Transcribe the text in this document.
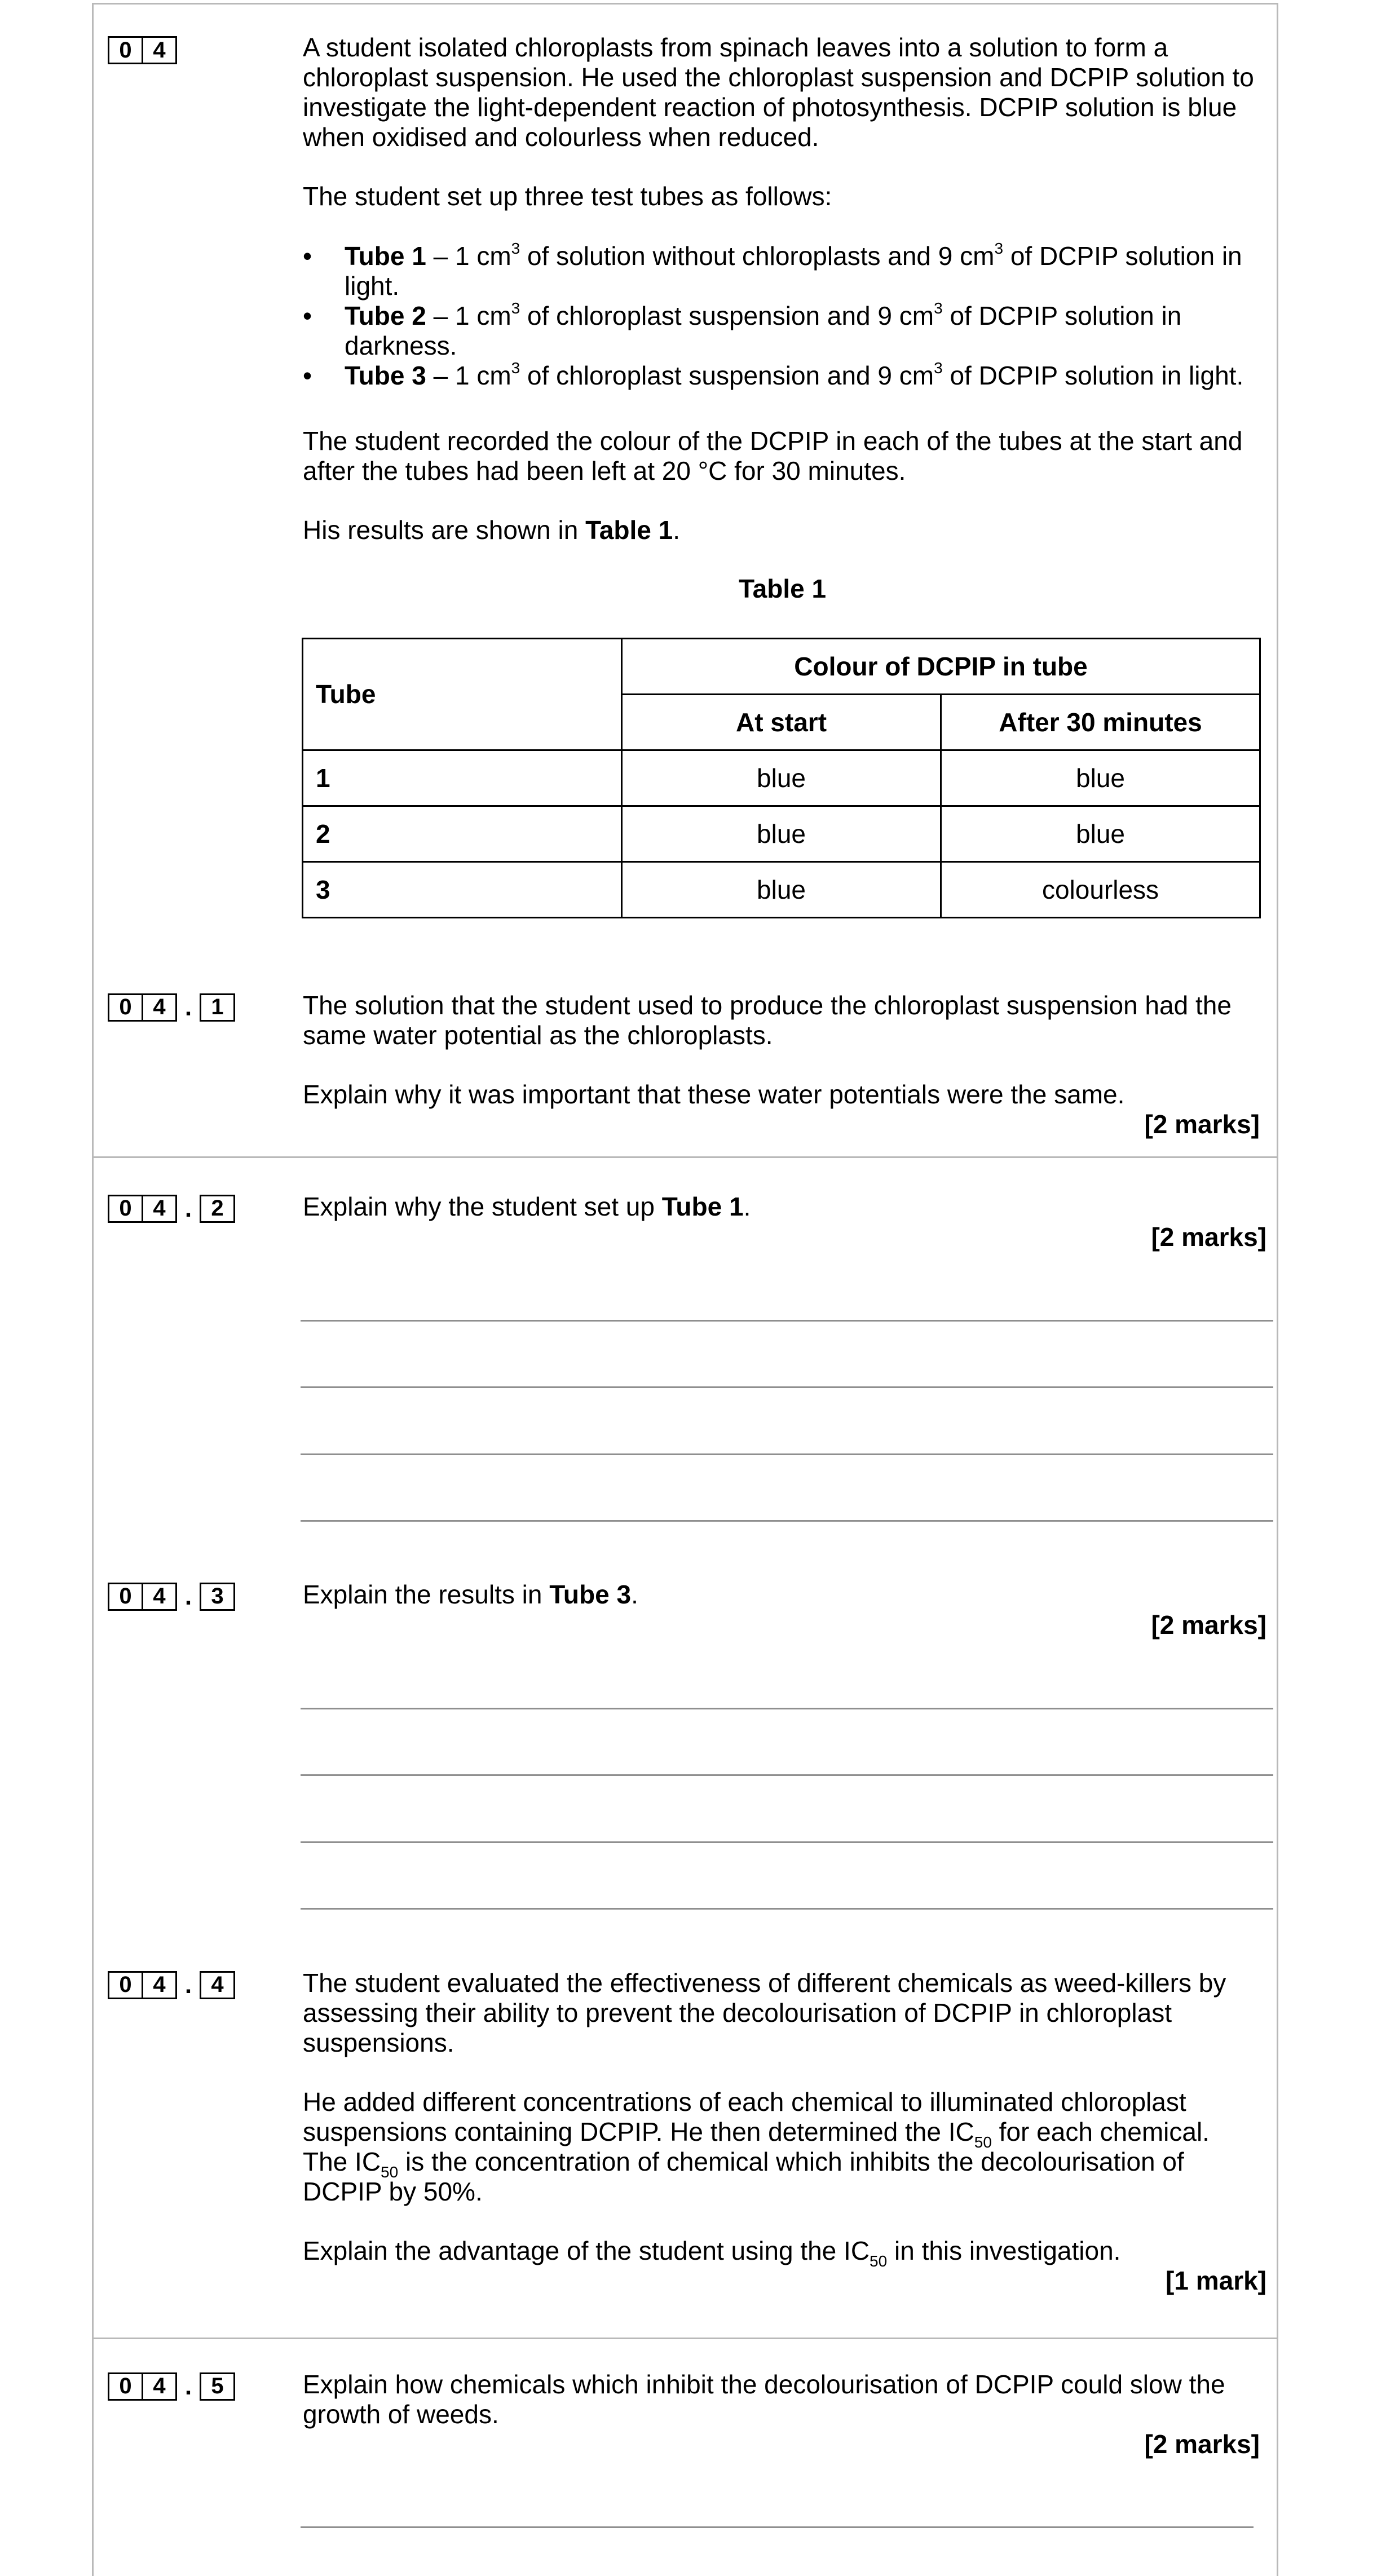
0 4	A student isolated chloroplasts from spinach leaves into a solution to form a chloroplast suspension. He used the chloroplast suspension and DCPIP solution to investigate the light-dependent reaction of photosynthesis. DCPIP solution is blue when oxidised and colourless when reduced.

The student set up three test tubes as follows:
• Tube 1 – 1 $cm^3$ of solution without chloroplasts and 9 $cm^3$ of DCPIP solution in light.
• Tube 2 – 1 $cm^3$ of chloroplast suspension and 9 $cm^3$ of DCPIP solution in darkness.
• Tube 3 – 1 $cm^3$ of chloroplast suspension and 9 $cm^3$ of DCPIP solution in light.
The student recorded the colour of the DCPIP in each of the tubes at the start and after the tubes had been left at 20 °C for 30 minutes.
His results are shown in Table 1.
Table 1
Tube	Colour of DCPIP in tube	
	At start	After 30 minutes
1	blue	blue
2	blue	blue
3	blue	colourless
0 4 . 1	The solution that the student used to produce the chloroplast suspension had the same water potential as the chloroplasts.
Explain why it was important that these water potentials were the same.
[2 marks]
0 4 . 2	Explain why the student set up Tube 1.
[2 marks]
0 4 . 3	Explain the results in Tube 3.
[2 marks]
0 4 . 4	The student evaluated the effectiveness of different chemicals as weed-killers by assessing their ability to prevent the decolourisation of DCPIP in chloroplast suspensions.
He added different concentrations of each chemical to illuminated chloroplast suspensions containing DCPIP. He then determined the $IC_{50}$ for each chemical. The $IC_{50}$ is the concentration of chemical which inhibits the decolourisation of DCPIP by 50%.
Explain the advantage of the student using the $IC_{50}$ in this investigation.
[1 mark]
0 4 . 5	Explain how chemicals which inhibit the decolourisation of DCPIP could slow the growth of weeds.
[2 marks]
